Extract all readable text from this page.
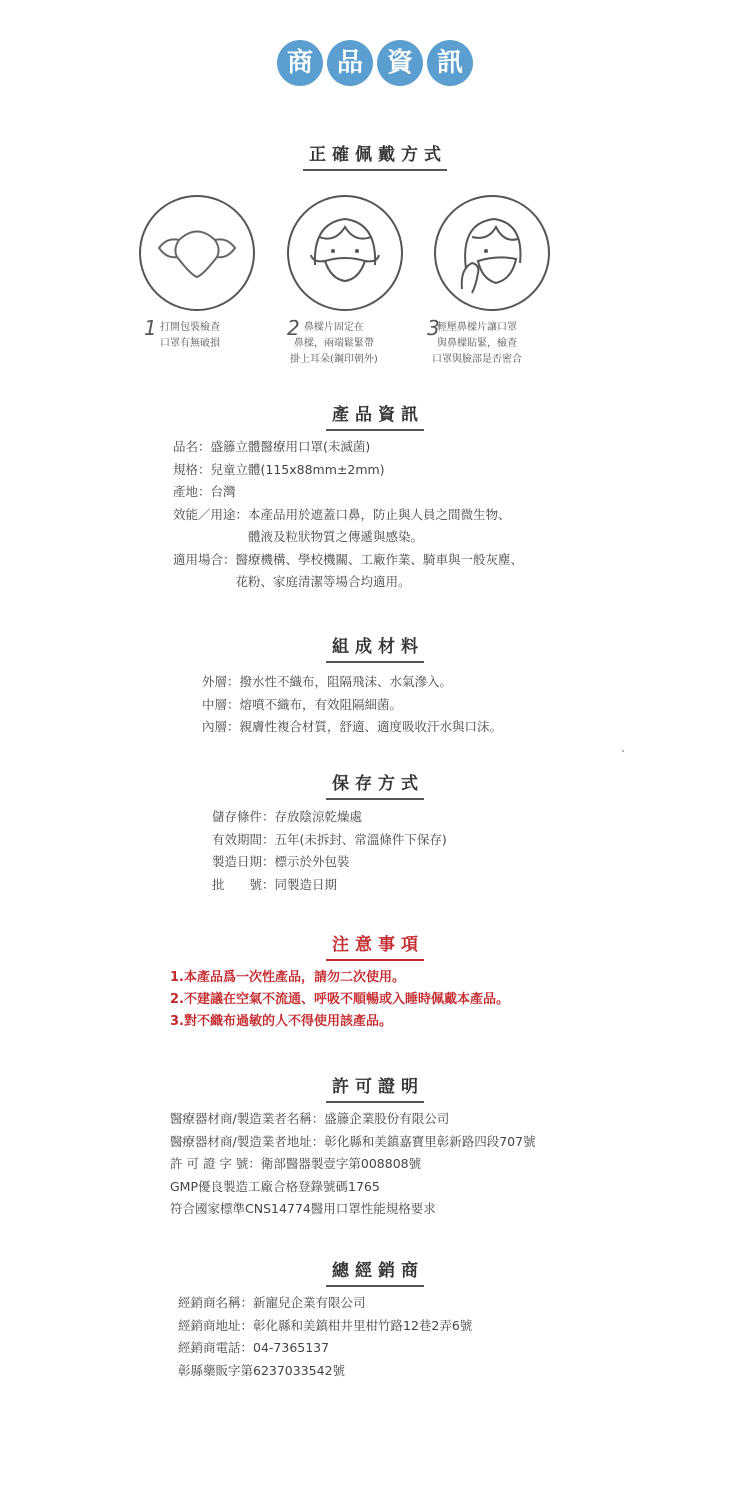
商 品 資 訊
正確佩戴方式
1 打開包裝檢查
口罩有無破損
2 鼻樑片固定在
鼻樑，兩端鬆緊帶
掛上耳朵(鋼印朝外)
3
輕壓鼻樑片讓口罩
與鼻樑貼緊，檢查
口罩與臉部是否密合
產品資訊
品名：盛籐立體醫療用口罩(未滅菌)
規格：兒童立體(115x88mm±2mm)
產地：台灣
效能／用途：本產品用於遮蓋口鼻，防止與人員之間微生物、
　　　　　　體液及粒狀物質之傳遞與感染。
適用場合：醫療機構、學校機關、工廠作業、騎車與一般灰塵、
　　　　　花粉、家庭清潔等場合均適用。
組成材料
外層：撥水性不織布，阻隔飛沫、水氣滲入。
中層：熔噴不織布，有效阻隔細菌。
內層：親膚性複合材質，舒適、適度吸收汗水與口沫。
保存方式
儲存條件：存放陰涼乾燥處
有效期間：五年(未拆封、常溫條件下保存)
製造日期：標示於外包裝
批　　號：同製造日期
注意事項
1.本產品爲一次性產品，請勿二次使用。
2.不建議在空氣不流通、呼吸不順暢或入睡時佩戴本產品。
3.對不織布過敏的人不得使用該產品。
許可證明
醫療器材商/製造業者名稱：盛籐企業股份有限公司
醫療器材商/製造業者地址：彰化縣和美鎮嘉寶里彰新路四段707號
許 可 證 字 號：衛部醫器製壹字第008808號
GMP優良製造工廠合格登錄號碼1765
符合國家標準CNS14774醫用口罩性能規格要求
總經銷商
經銷商名稱：新寵兒企業有限公司
經銷商地址：彰化縣和美鎮柑井里柑竹路12巷2弄6號
經銷商電話：04-7365137
彰縣藥販字第6237033542號
